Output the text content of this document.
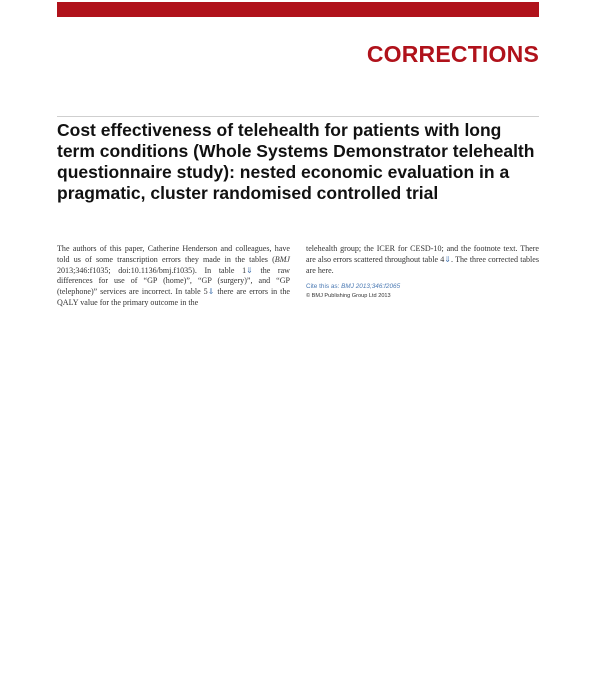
CORRECTIONS
Cost effectiveness of telehealth for patients with long term conditions (Whole Systems Demonstrator telehealth questionnaire study): nested economic evaluation in a pragmatic, cluster randomised controlled trial

The authors of this paper, Catherine Henderson and colleagues, have told us of some transcription errors they made in the tables (BMJ 2013;346:f1035; doi:10.1136/bmj.f1035). In table 1⇓ the raw differences for use of “GP (home)”, “GP (surgery)”, and “GP (telephone)” services are incorrect. In table 5⇓ there are errors in the QALY value for the primary outcome in the

telehealth group; the ICER for CESD-10; and the footnote text. There are also errors scattered throughout table 4⇓. The three corrected tables are here.

Cite this as: BMJ 2013;346:f2065

© BMJ Publishing Group Ltd 2013
